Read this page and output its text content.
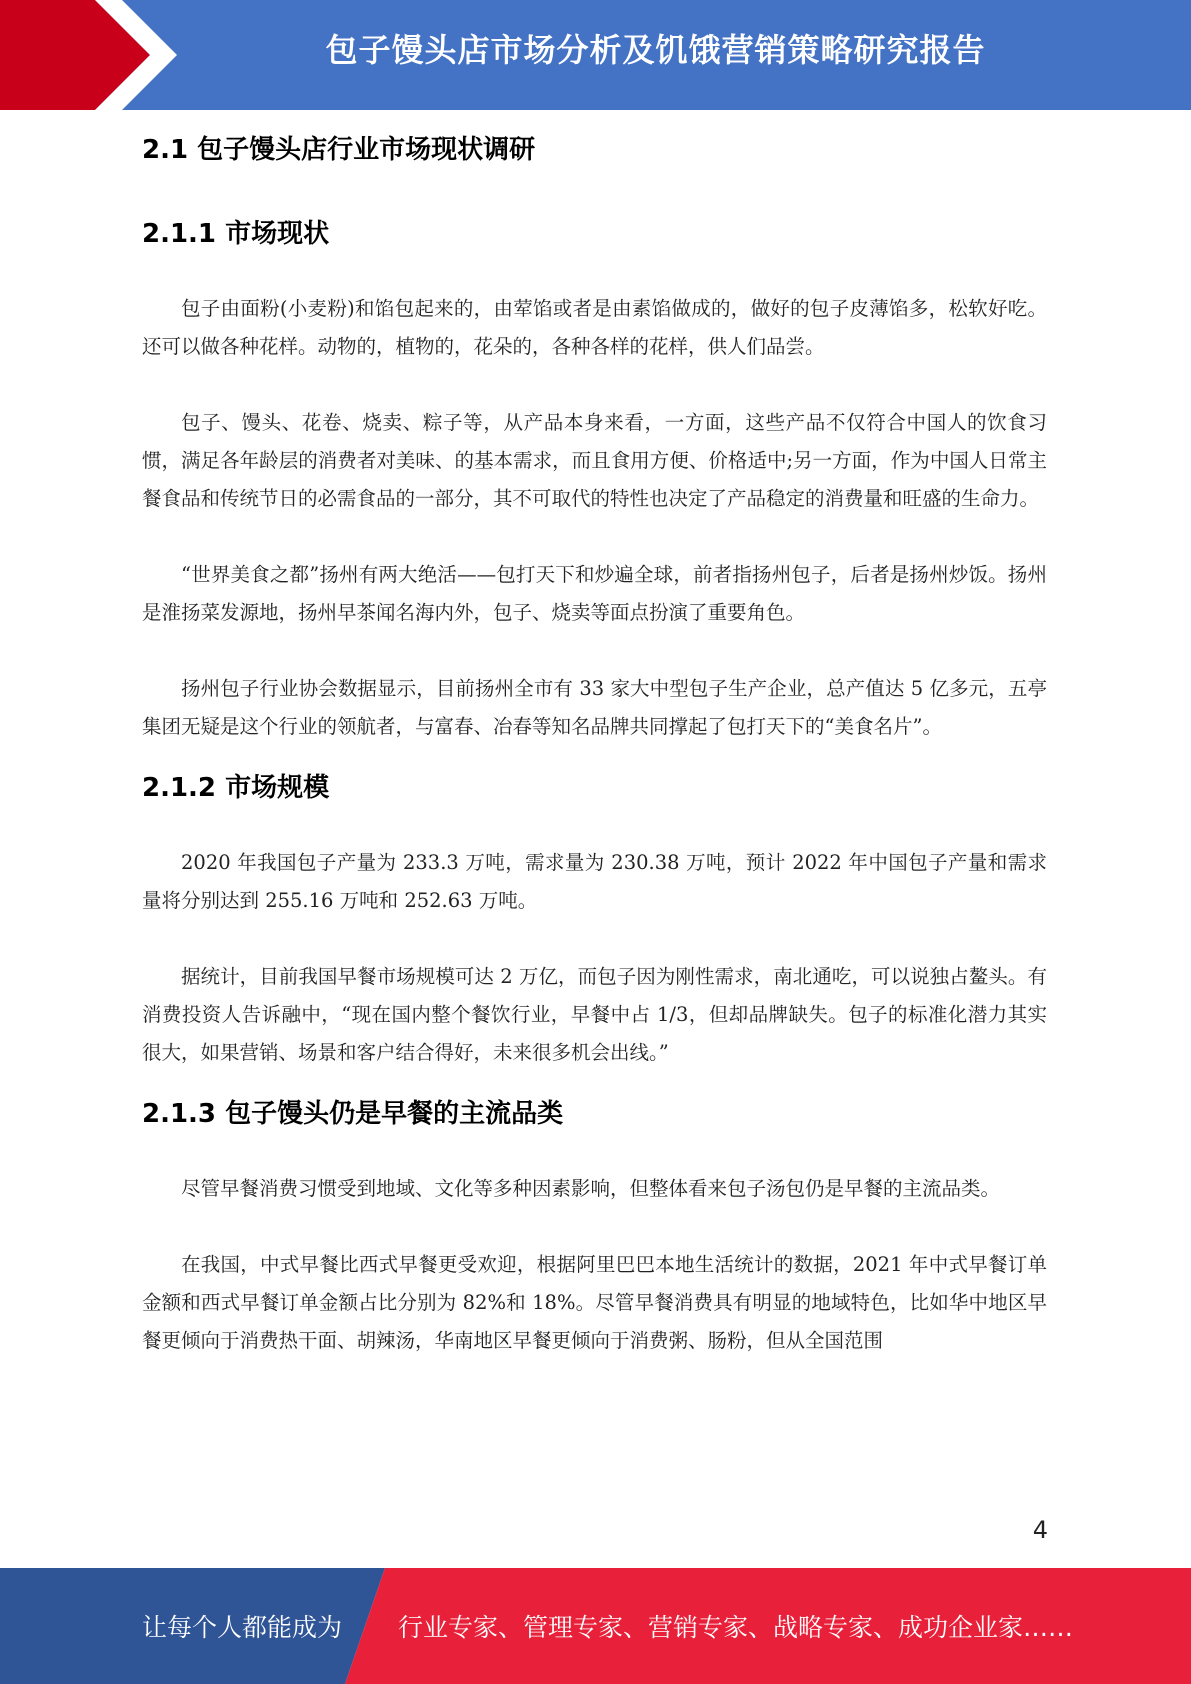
包子馒头店市场分析及饥饿营销策略研究报告
2.1 包子馒头店行业市场现状调研
2.1.1 市场现状

包子由面粉(小麦粉)和馅包起来的，由荤馅或者是由素馅做成的，做好的包子皮薄馅多，松软好吃。还可以做各种花样。动物的，植物的，花朵的，各种各样的花样，供人们品尝。

包子、馒头、花卷、烧卖、粽子等，从产品本身来看，一方面，这些产品不仅符合中国人的饮食习惯，满足各年龄层的消费者对美味、的基本需求，而且食用方便、价格适中;另一方面，作为中国人日常主餐食品和传统节日的必需食品的一部分，其不可取代的特性也决定了产品稳定的消费量和旺盛的生命力。

“世界美食之都”扬州有两大绝活——包打天下和炒遍全球，前者指扬州包子，后者是扬州炒饭。扬州是淮扬菜发源地，扬州早茶闻名海内外，包子、烧卖等面点扮演了重要角色。

扬州包子行业协会数据显示，目前扬州全市有 33 家大中型包子生产企业，总产值达 5 亿多元，五亭集团无疑是这个行业的领航者，与富春、冶春等知名品牌共同撑起了包打天下的“美食名片”。

2.1.2 市场规模

2020 年我国包子产量为 233.3 万吨，需求量为 230.38 万吨，预计 2022 年中国包子产量和需求量将分别达到 255.16 万吨和 252.63 万吨。

据统计，目前我国早餐市场规模可达 2 万亿，而包子因为刚性需求，南北通吃，可以说独占鳌头。有消费投资人告诉融中，“现在国内整个餐饮行业，早餐中占 1/3，但却品牌缺失。包子的标准化潜力其实很大，如果营销、场景和客户结合得好，未来很多机会出线。”

2.1.3 包子馒头仍是早餐的主流品类

尽管早餐消费习惯受到地域、文化等多种因素影响，但整体看来包子汤包仍是早餐的主流品类。

在我国，中式早餐比西式早餐更受欢迎，根据阿里巴巴本地生活统计的数据，2021 年中式早餐订单金额和西式早餐订单金额占比分别为 82%和 18%。尽管早餐消费具有明显的地域特色，比如华中地区早餐更倾向于消费热干面、胡辣汤，华南地区早餐更倾向于消费粥、肠粉，但从全国范围

4
让每个人都能成为 行业专家、管理专家、营销专家、战略专家、成功企业家……
